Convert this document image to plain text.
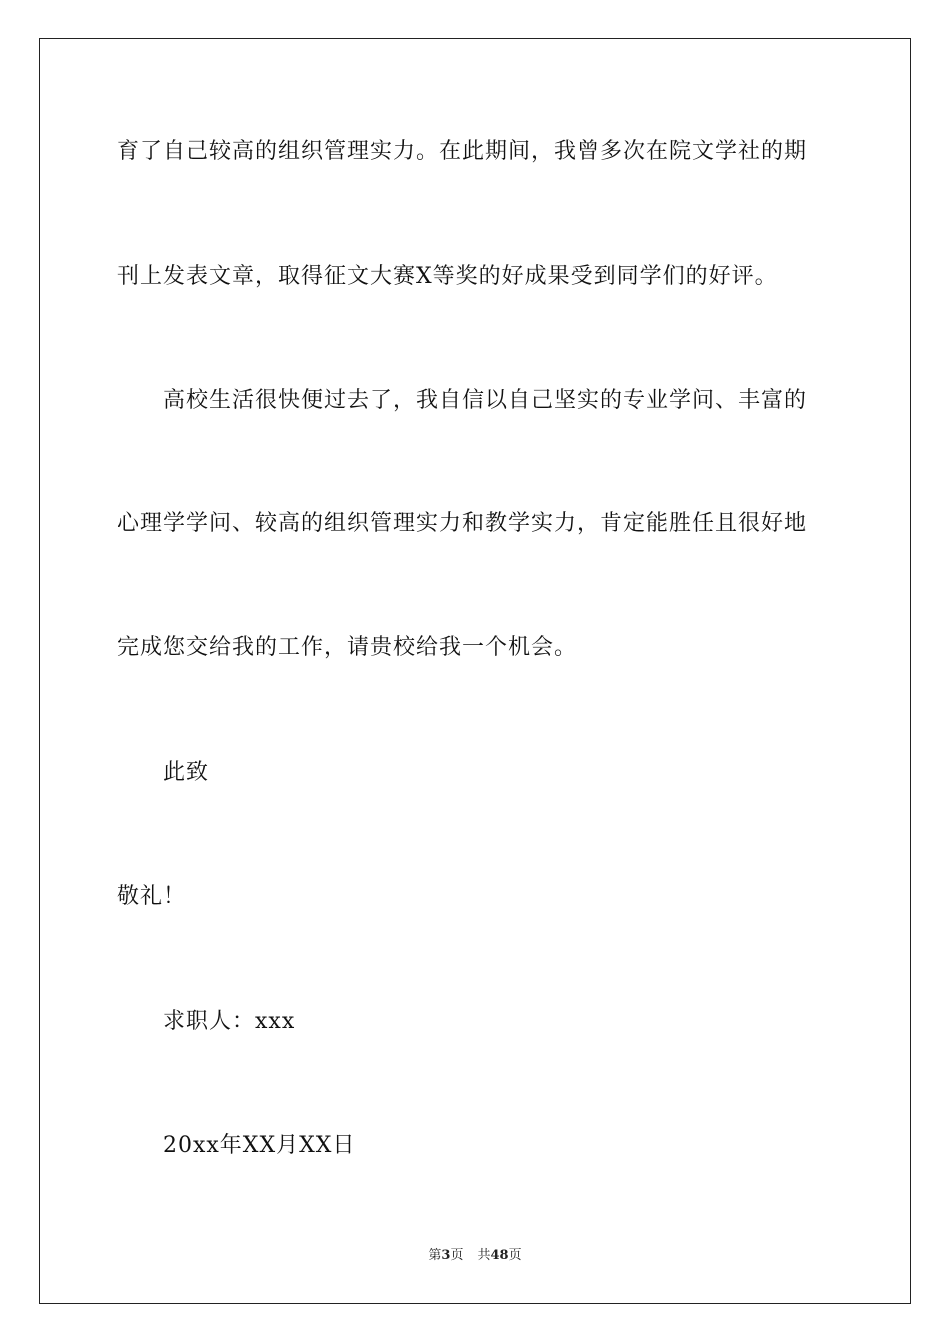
育了自己较高的组织管理实力。在此期间，我曾多次在院文学社的期
刊上发表文章，取得征文大赛X等奖的好成果受到同学们的好评。
高校生活很快便过去了，我自信以自己坚实的专业学问、丰富的
心理学学问、较高的组织管理实力和教学实力，肯定能胜任且很好地
完成您交给我的工作，请贵校给我一个机会。
此致
敬礼！
求职人：xxx
20xx年XX月XX日
第3页 共48页
